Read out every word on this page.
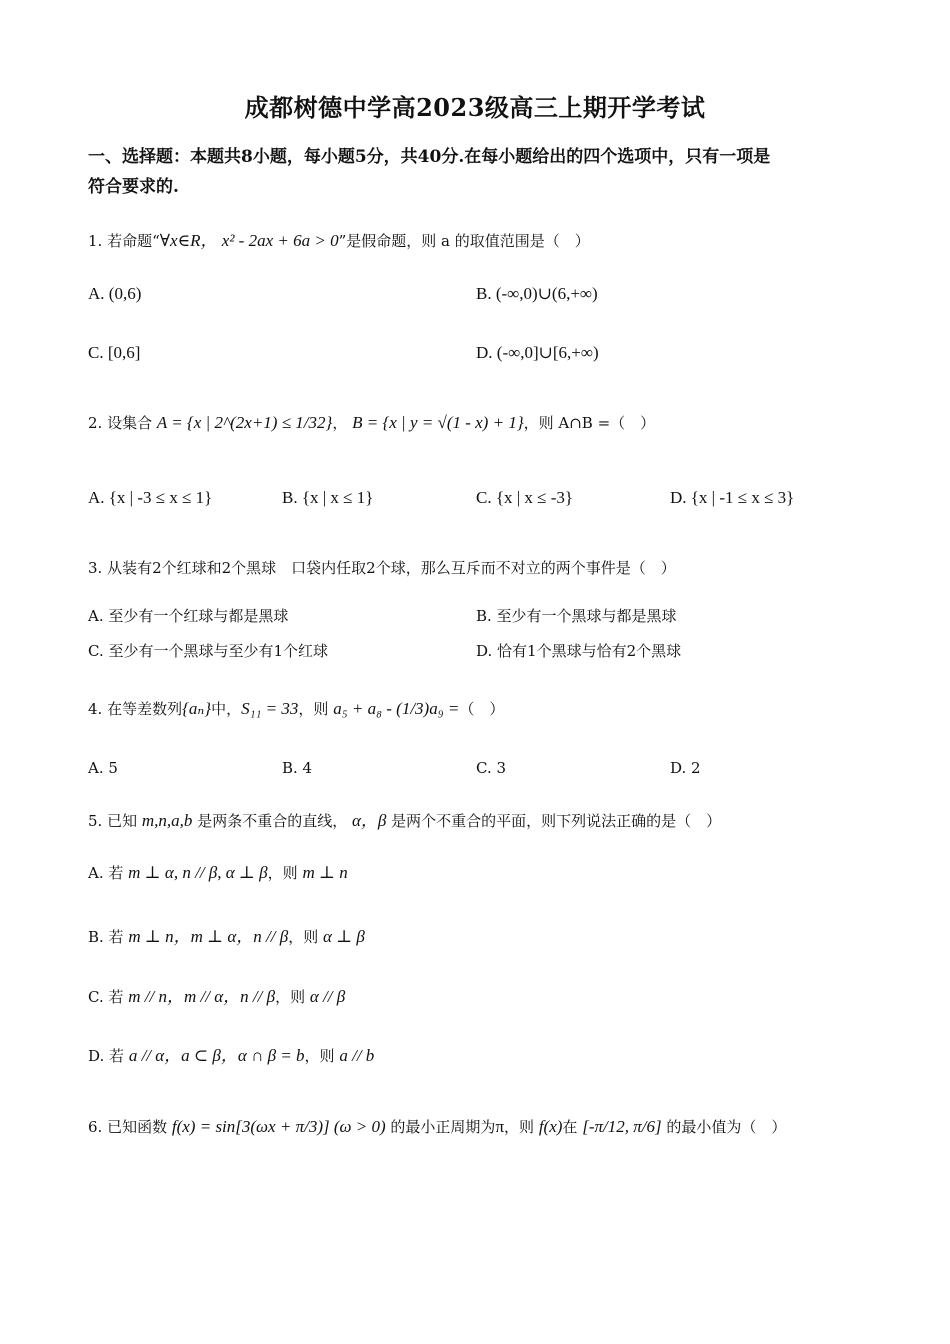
成都树德中学高2023级高三上期开学考试
一、选择题：本题共8小题，每小题5分，共40分.在每小题给出的四个选项中，只有一项是
符合要求的.
1. 若命题“∀x∈R， x² - 2ax + 6a > 0”是假命题，则 a 的取值范围是（　）
A. (0,6)	B. (-∞,0)∪(6,+∞)
C. [0,6]	D. (-∞,0]∪[6,+∞)
2. 设集合 A = {x | 2^(2x+1) ≤ 1/32}， B = {x | y = √(1 - x) + 1}，则 A∩B =（　）
A. {x | -3 ≤ x ≤ 1}	B. {x | x ≤ 1}	C. {x | x ≤ -3}	D. {x | -1 ≤ x ≤ 3}
3. 从装有2个红球和2个黑球　口袋内任取2个球，那么互斥而不对立的两个事件是（　）
A. 至少有一个红球与都是黑球	B. 至少有一个黑球与都是黑球
C. 至少有一个黑球与至少有1个红球	D. 恰有1个黑球与恰有2个黑球
4. 在等差数列{aₙ}中，S₁₁ = 33，则 a₅ + a₈ - (1/3)a₉ =（　）
A. 5	B. 4	C. 3	D. 2
5. 已知 m,n,a,b 是两条不重合的直线， α，β 是两个不重合的平面，则下列说法正确的是（　）
A. 若 m ⊥ α, n // β, α ⊥ β，则 m ⊥ n
B. 若 m ⊥ n，m ⊥ α，n // β，则 α ⊥ β
C. 若 m // n，m // α，n // β，则 α // β
D. 若 a // α，a ⊂ β，α ∩ β = b，则 a // b
6. 已知函数 f(x) = sin[3(ωx + π/3)] (ω > 0) 的最小正周期为π，则 f(x)在 [-π/12, π/6] 的最小值为（　）
